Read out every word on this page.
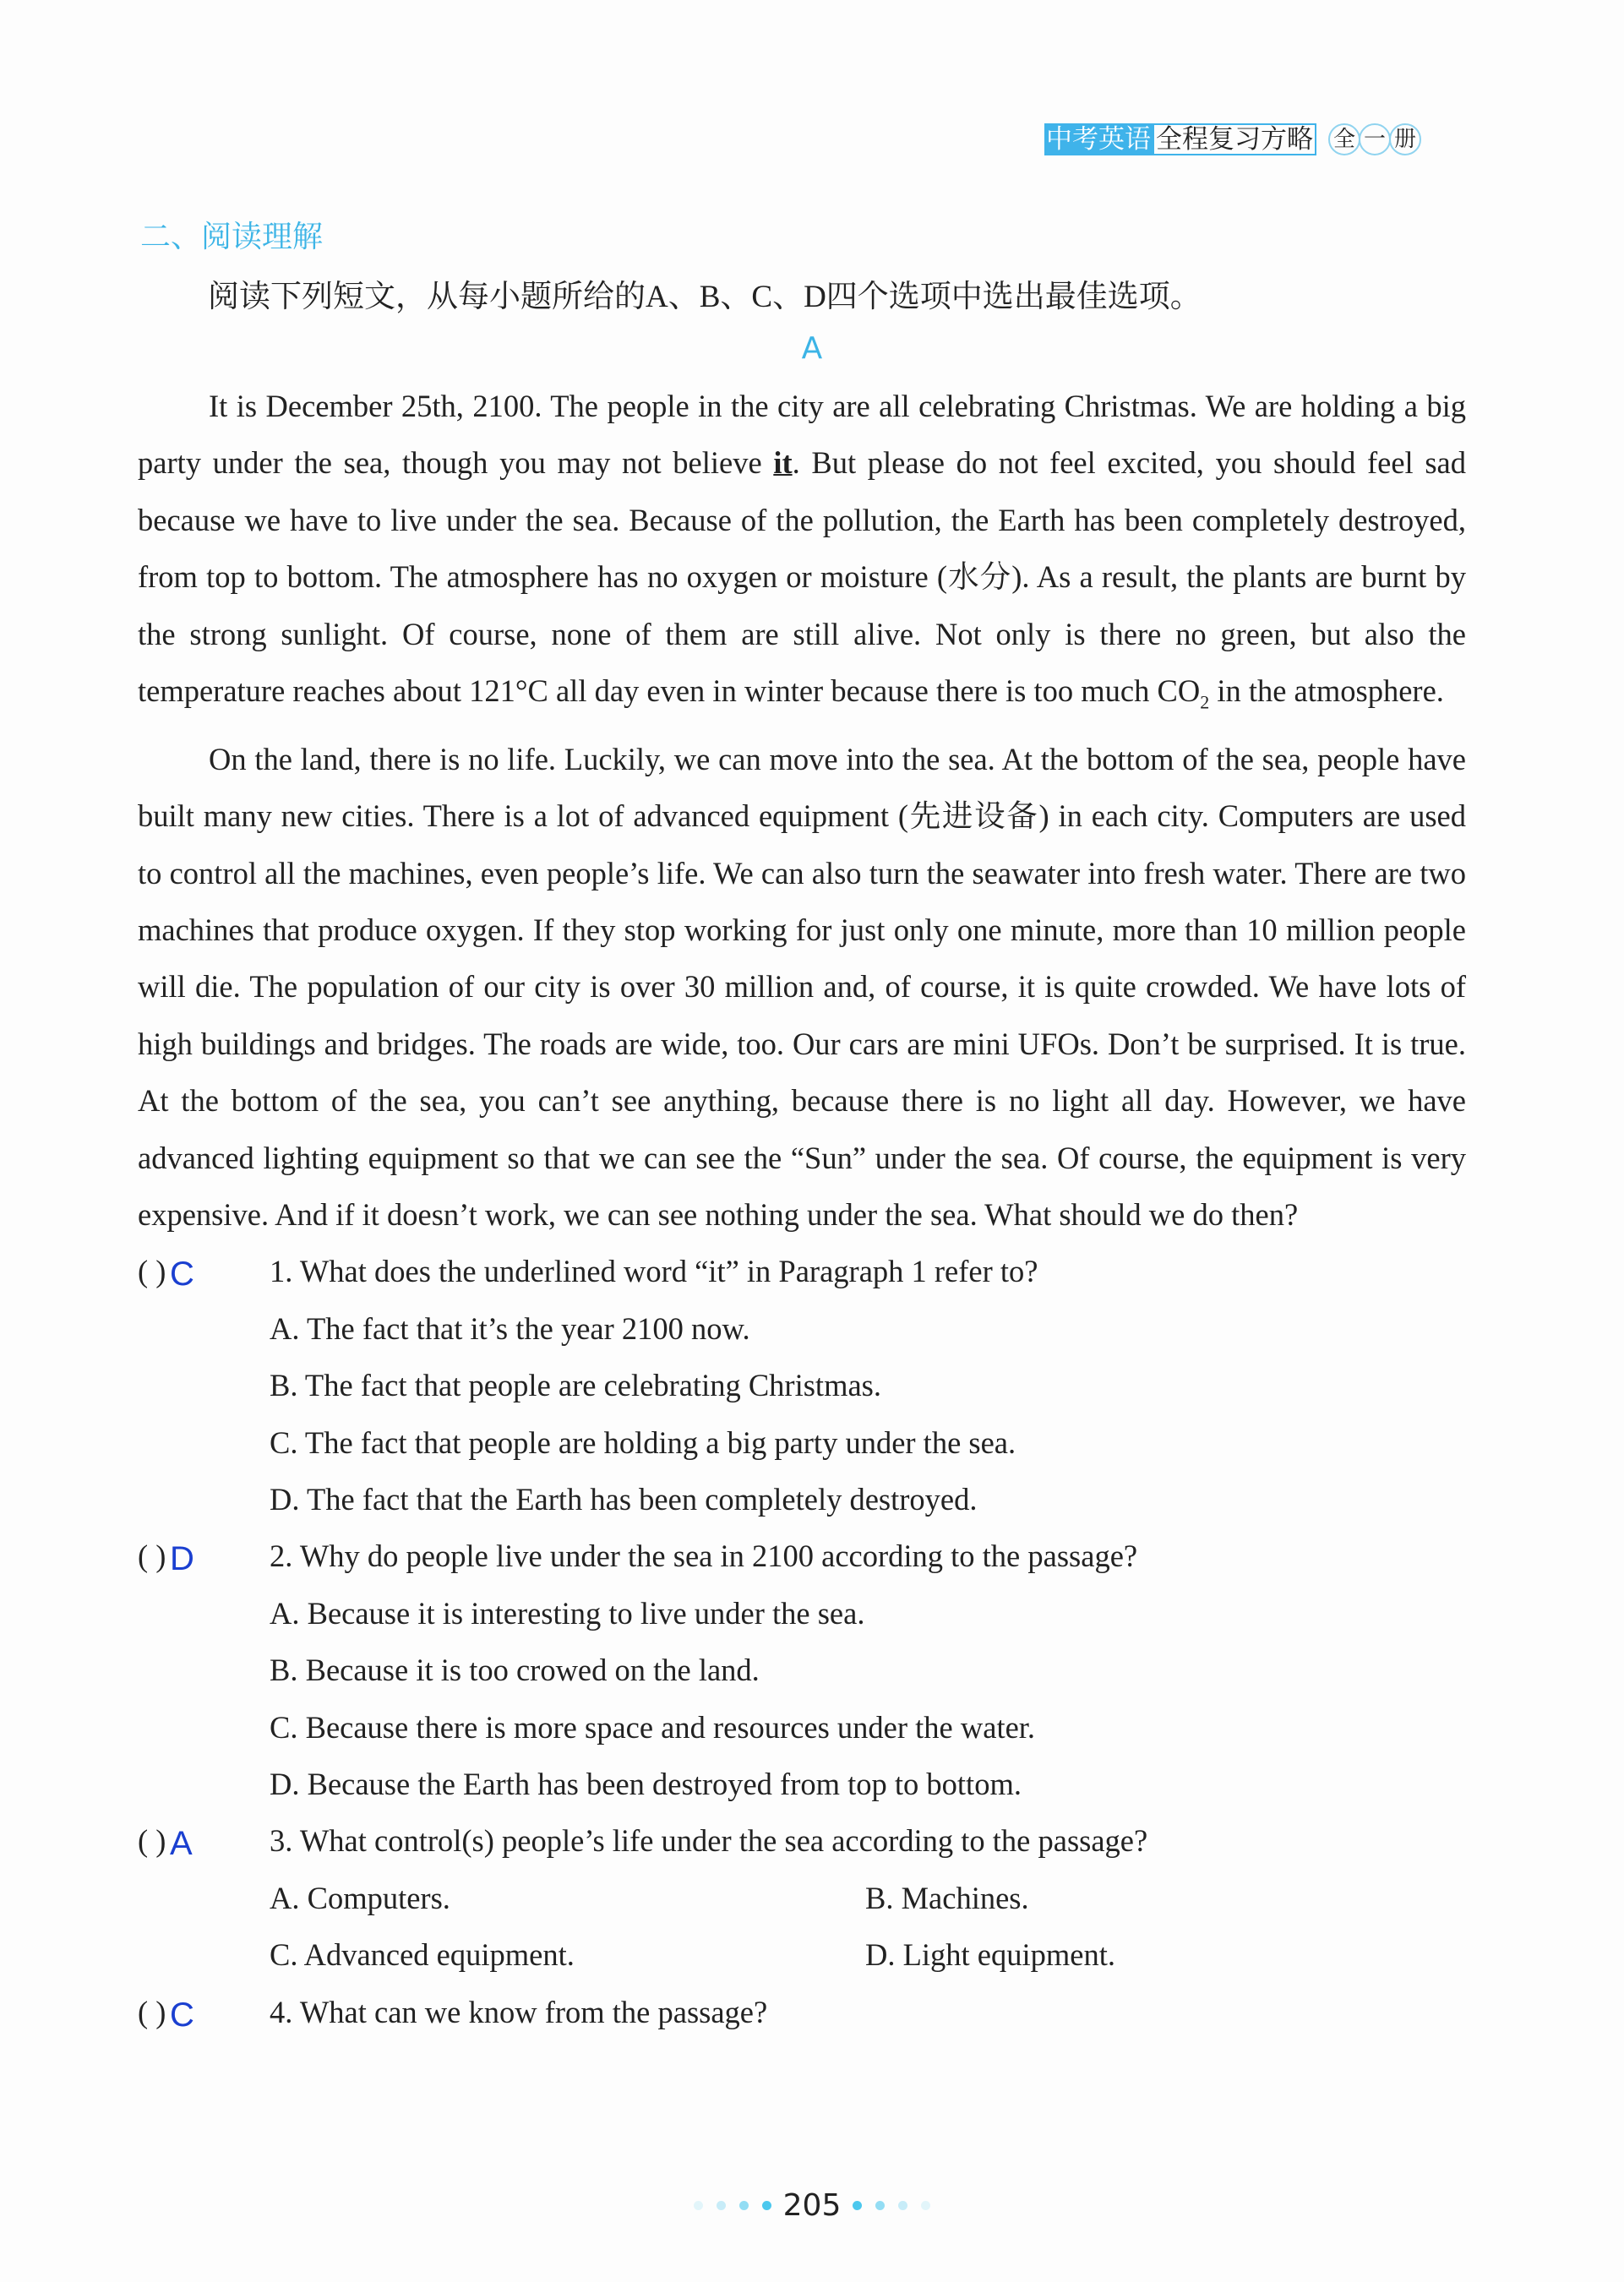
中考英语 全程复习方略 全 一 册
二、阅读理解
阅读下列短文，从每小题所给的A、B、C、D四个选项中选出最佳选项。
A

It is December 25th, 2100. The people in the city are all celebrating Christmas. We are holding a big party under the sea, though you may not believe it. But please do not feel excited, you should feel sad because we have to live under the sea. Because of the pollution, the Earth has been completely destroyed, from top to bottom. The atmosphere has no oxygen or moisture (水分). As a result, the plants are burnt by the strong sunlight. Of course, none of them are still alive. Not only is there no green, but also the temperature reaches about 121°C all day even in winter because there is too much $CO_2$ in the atmosphere.

On the land, there is no life. Luckily, we can move into the sea. At the bottom of the sea, people have built many new cities. There is a lot of advanced equipment (先进设备) in each city. Computers are used to control all the machines, even people’s life. We can also turn the seawater into fresh water. There are two machines that produce oxygen. If they stop working for just only one minute, more than 10 million people will die. The population of our city is over 30 million and, of course, it is quite crowded. We have lots of high buildings and bridges. The roads are wide, too. Our cars are mini UFOs. Don’t be surprised. It is true. At the bottom of the sea, you can’t see anything, because there is no light all day. However, we have advanced lighting equipment so that we can see the “Sun” under the sea. Of course, the equipment is very expensive. And if it doesn’t work, we can see nothing under the sea. What should we do then?

( ) C 1. What does the underlined word “it” in Paragraph 1 refer to?
A. The fact that it’s the year 2100 now.
B. The fact that people are celebrating Christmas.
C. The fact that people are holding a big party under the sea.
D. The fact that the Earth has been completely destroyed.
( ) D 2. Why do people live under the sea in 2100 according to the passage?
A. Because it is interesting to live under the sea.
B. Because it is too crowed on the land.
C. Because there is more space and resources under the water.
D. Because the Earth has been destroyed from top to bottom.
( ) A	3. What control(s) people’s life under the sea according to the passage?
A. Computers.	B. Machines.
C. Advanced equipment.	D. Light equipment.
( ) C 4. What can we know from the passage?
205
